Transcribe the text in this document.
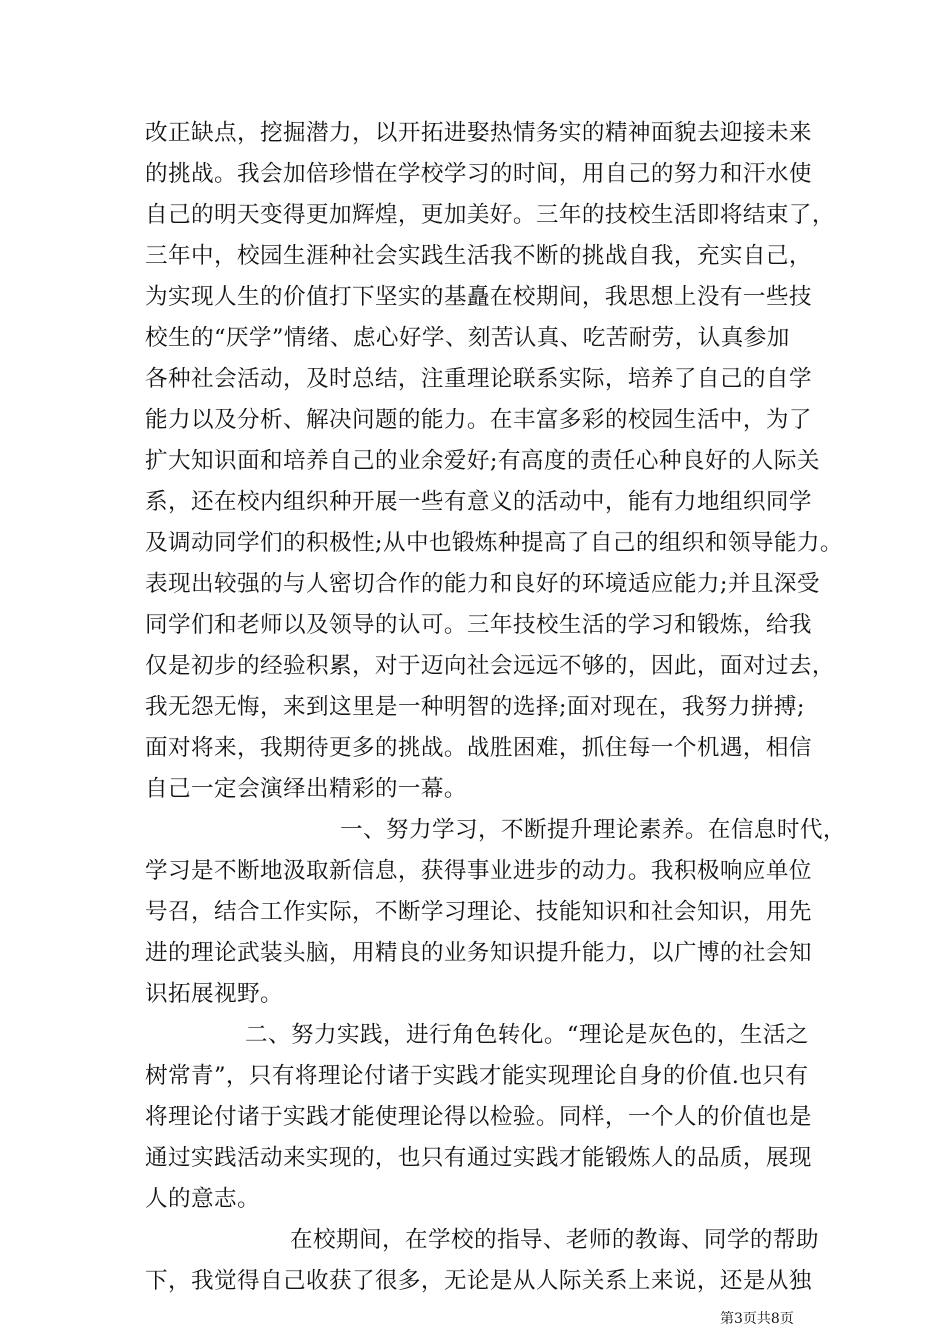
改正缺点，挖掘潜力，以开拓进娶热情务实的精神面貌去迎接未来
的挑战。我会加倍珍惜在学校学习的时间，用自己的努力和汗水使
自己的明天变得更加辉煌，更加美好。三年的技校生活即将结束了，
三年中，校园生涯种社会实践生活我不断的挑战自我，充实自己，
为实现人生的价值打下坚实的基矗在校期间，我思想上没有一些技
校生的“厌学”情绪、虑心好学、刻苦认真、吃苦耐劳，认真参加
各种社会活动，及时总结，注重理论联系实际，培养了自己的自学
能力以及分析、解决问题的能力。在丰富多彩的校园生活中，为了
扩大知识面和培养自己的业余爱好;有高度的责任心种良好的人际关
系，还在校内组织种开展一些有意义的活动中，能有力地组织同学
及调动同学们的积极性;从中也锻炼种提高了自己的组织和领导能力。
表现出较强的与人密切合作的能力和良好的环境适应能力;并且深受
同学们和老师以及领导的认可。三年技校生活的学习和锻炼，给我
仅是初步的经验积累，对于迈向社会远远不够的，因此，面对过去，
我无怨无悔，来到这里是一种明智的选择;面对现在，我努力拼搏;
面对将来，我期待更多的挑战。战胜困难，抓住每一个机遇，相信
自己一定会演绎出精彩的一幕。
一、努力学习，不断提升理论素养。在信息时代，
学习是不断地汲取新信息，获得事业进步的动力。我积极响应单位
号召，结合工作实际，不断学习理论、技能知识和社会知识，用先
进的理论武装头脑，用精良的业务知识提升能力，以广博的社会知
识拓展视野。
二、努力实践，进行角色转化。“理论是灰色的，生活之
树常青”，只有将理论付诸于实践才能实现理论自身的价值.也只有
将理论付诸于实践才能使理论得以检验。同样，一个人的价值也是
通过实践活动来实现的，也只有通过实践才能锻炼人的品质，展现
人的意志。
在校期间，在学校的指导、老师的教诲、同学的帮助
下，我觉得自己收获了很多，无论是从人际关系上来说，还是从独
第3页共8页
